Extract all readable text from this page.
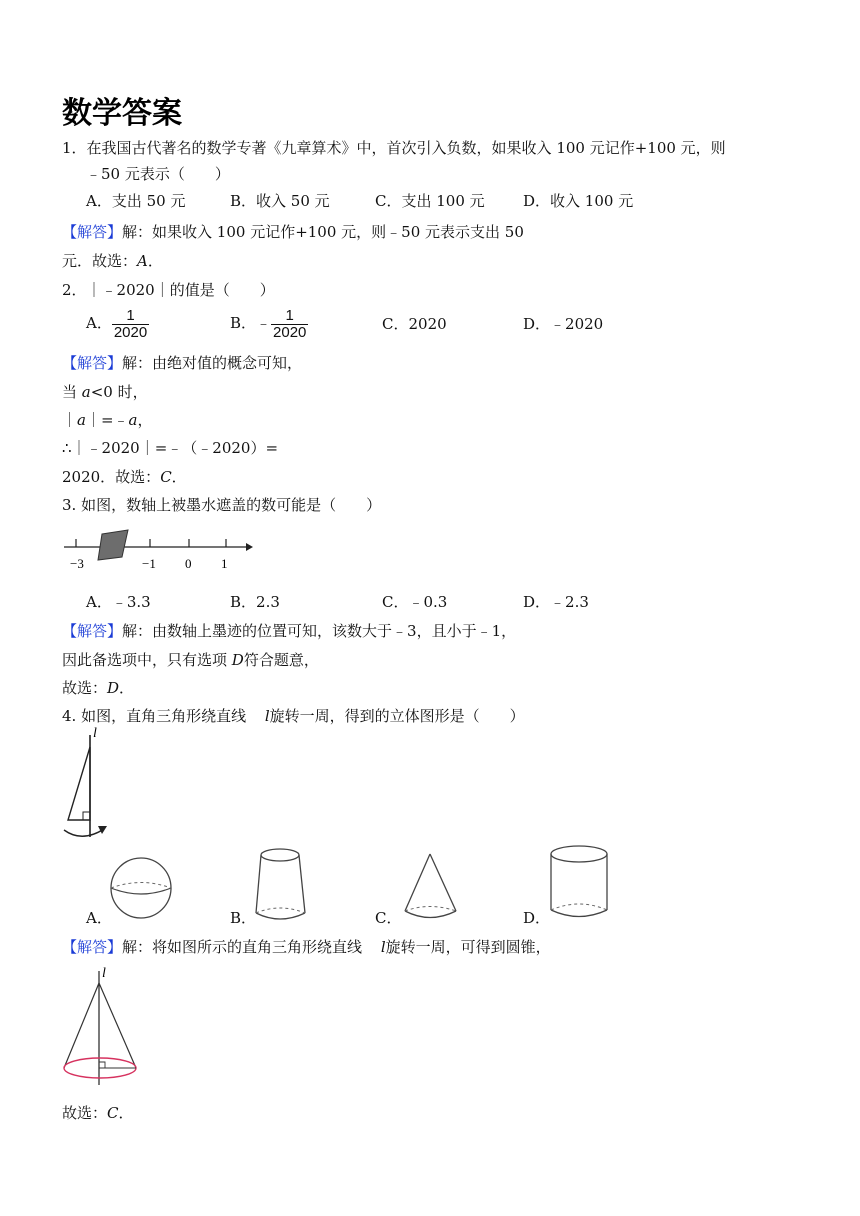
数学答案
1．在我国古代著名的数学专著《九章算术》中，首次引入负数，如果收入 100 元记作+100 元，则
﹣50 元表示（　　）
A．支出 50 元	B．收入 50 元	C．支出 100 元	D．收入 100 元
【解答】解：如果收入 100 元记作+100 元，则﹣50 元表示支出 50
元．故选：A．
2．｜﹣2020｜的值是（　　）
A． $\frac{1}{2020}$	B．﹣ $\frac{1}{2020}$	C．2020	D．﹣2020
【解答】解：由绝对值的概念可知，
当 a<0 时，
｜a｜=﹣a，
∴｜﹣2020｜=﹣（﹣2020）=
2020．故选：C．
3. 如图，数轴上被墨水遮盖的数可能是（　　）
−3	−1 0 1
A．﹣3.3	B．2.3	C．﹣0.3	D．﹣2.3
【解答】解：由数轴上墨迹的位置可知，该数大于﹣3，且小于﹣1，
因此备选项中，只有选项 D符合题意，
故选：D．
4. 如图，直角三角形绕直线 l旋转一周，得到的立体图形是（　　）
l
A．	B．	C．	D．
【解答】解：将如图所示的直角三角形绕直线 l旋转一周，可得到圆锥，
l
故选：C．
